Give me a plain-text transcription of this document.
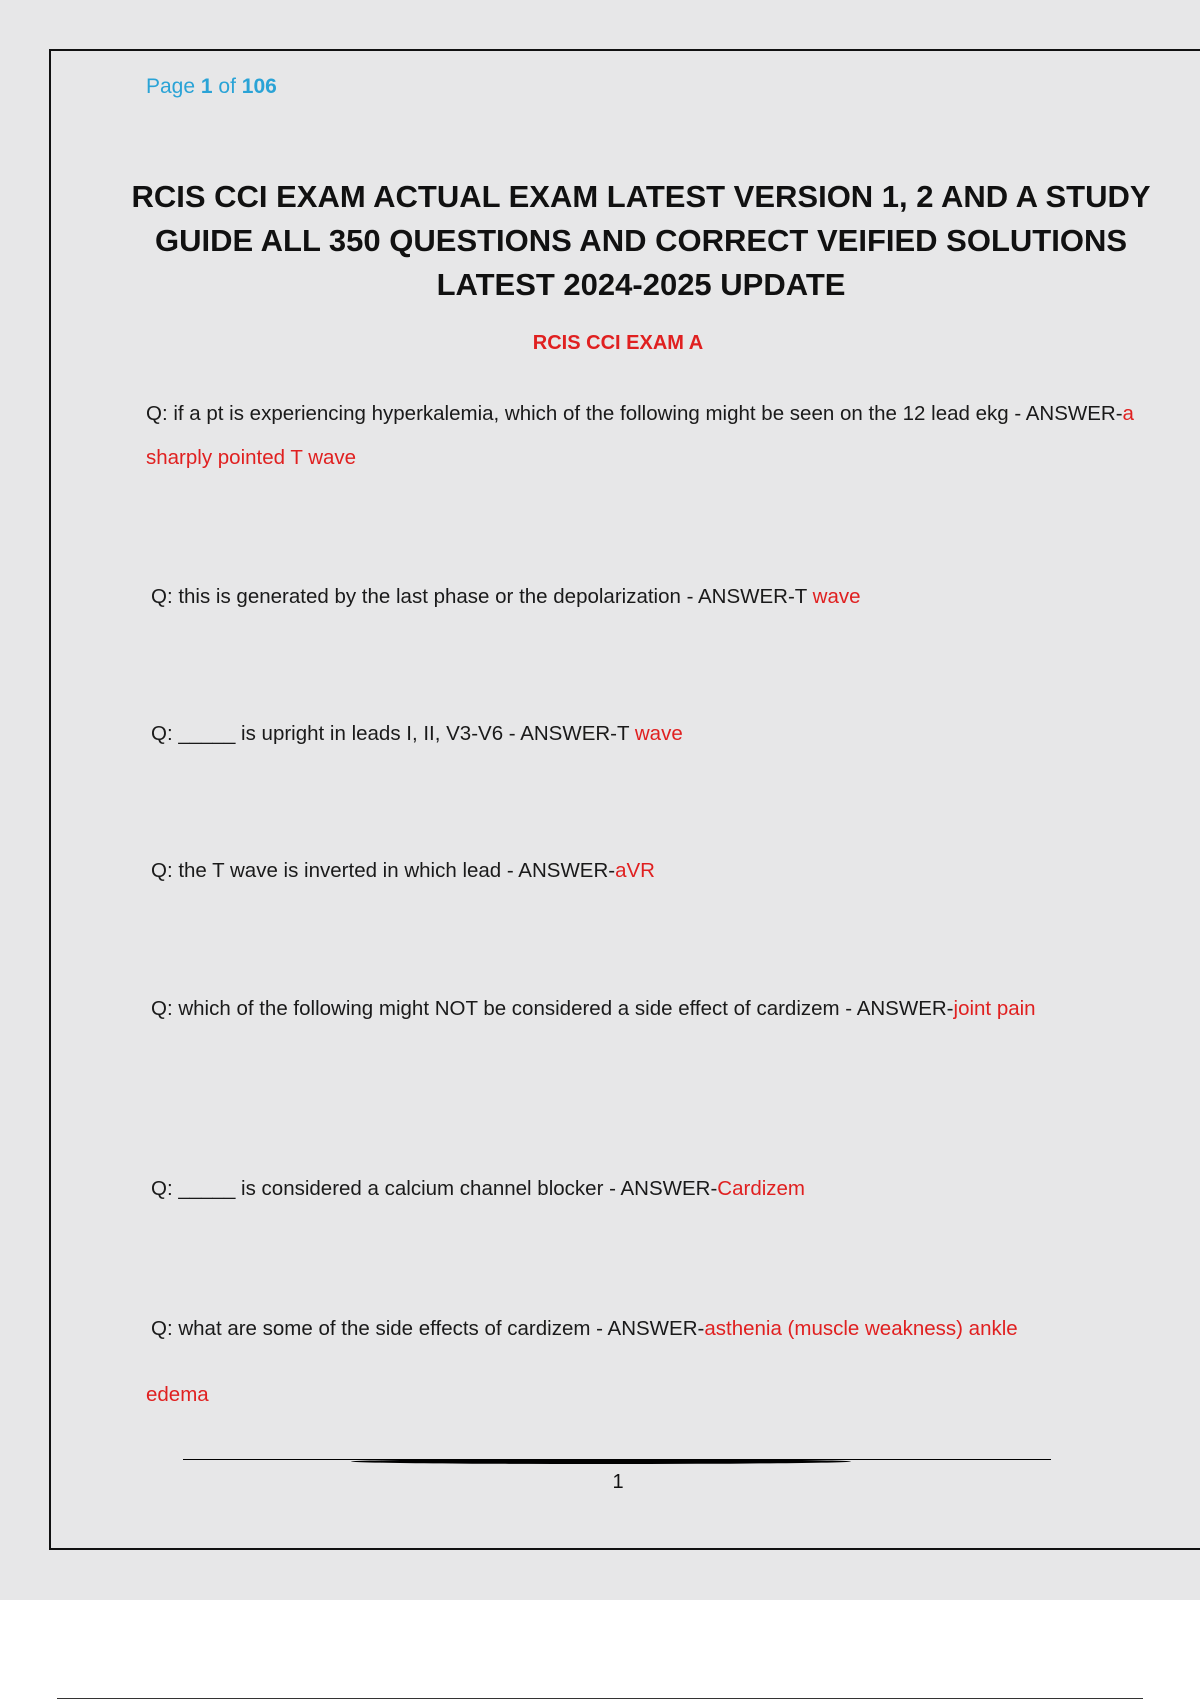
Page 1 of 106
RCIS CCI EXAM ACTUAL EXAM LATEST VERSION 1, 2 AND A STUDY GUIDE ALL 350 QUESTIONS AND CORRECT VEIFIED SOLUTIONS LATEST 2024-2025 UPDATE
RCIS CCI EXAM A
Q: if a pt is experiencing hyperkalemia, which of the following might be seen on the 12 lead ekg - ANSWER-a sharply pointed T wave
Q: this is generated by the last phase or the depolarization - ANSWER-T wave
Q: _____ is upright in leads I, II, V3-V6 - ANSWER-T wave
Q: the T wave is inverted in which lead - ANSWER-aVR
Q: which of the following might NOT be considered a side effect of cardizem - ANSWER-joint pain
Q: _____ is considered a calcium channel blocker - ANSWER-Cardizem
Q: what are some of the side effects of cardizem - ANSWER-asthenia (muscle weakness) ankle edema
1
